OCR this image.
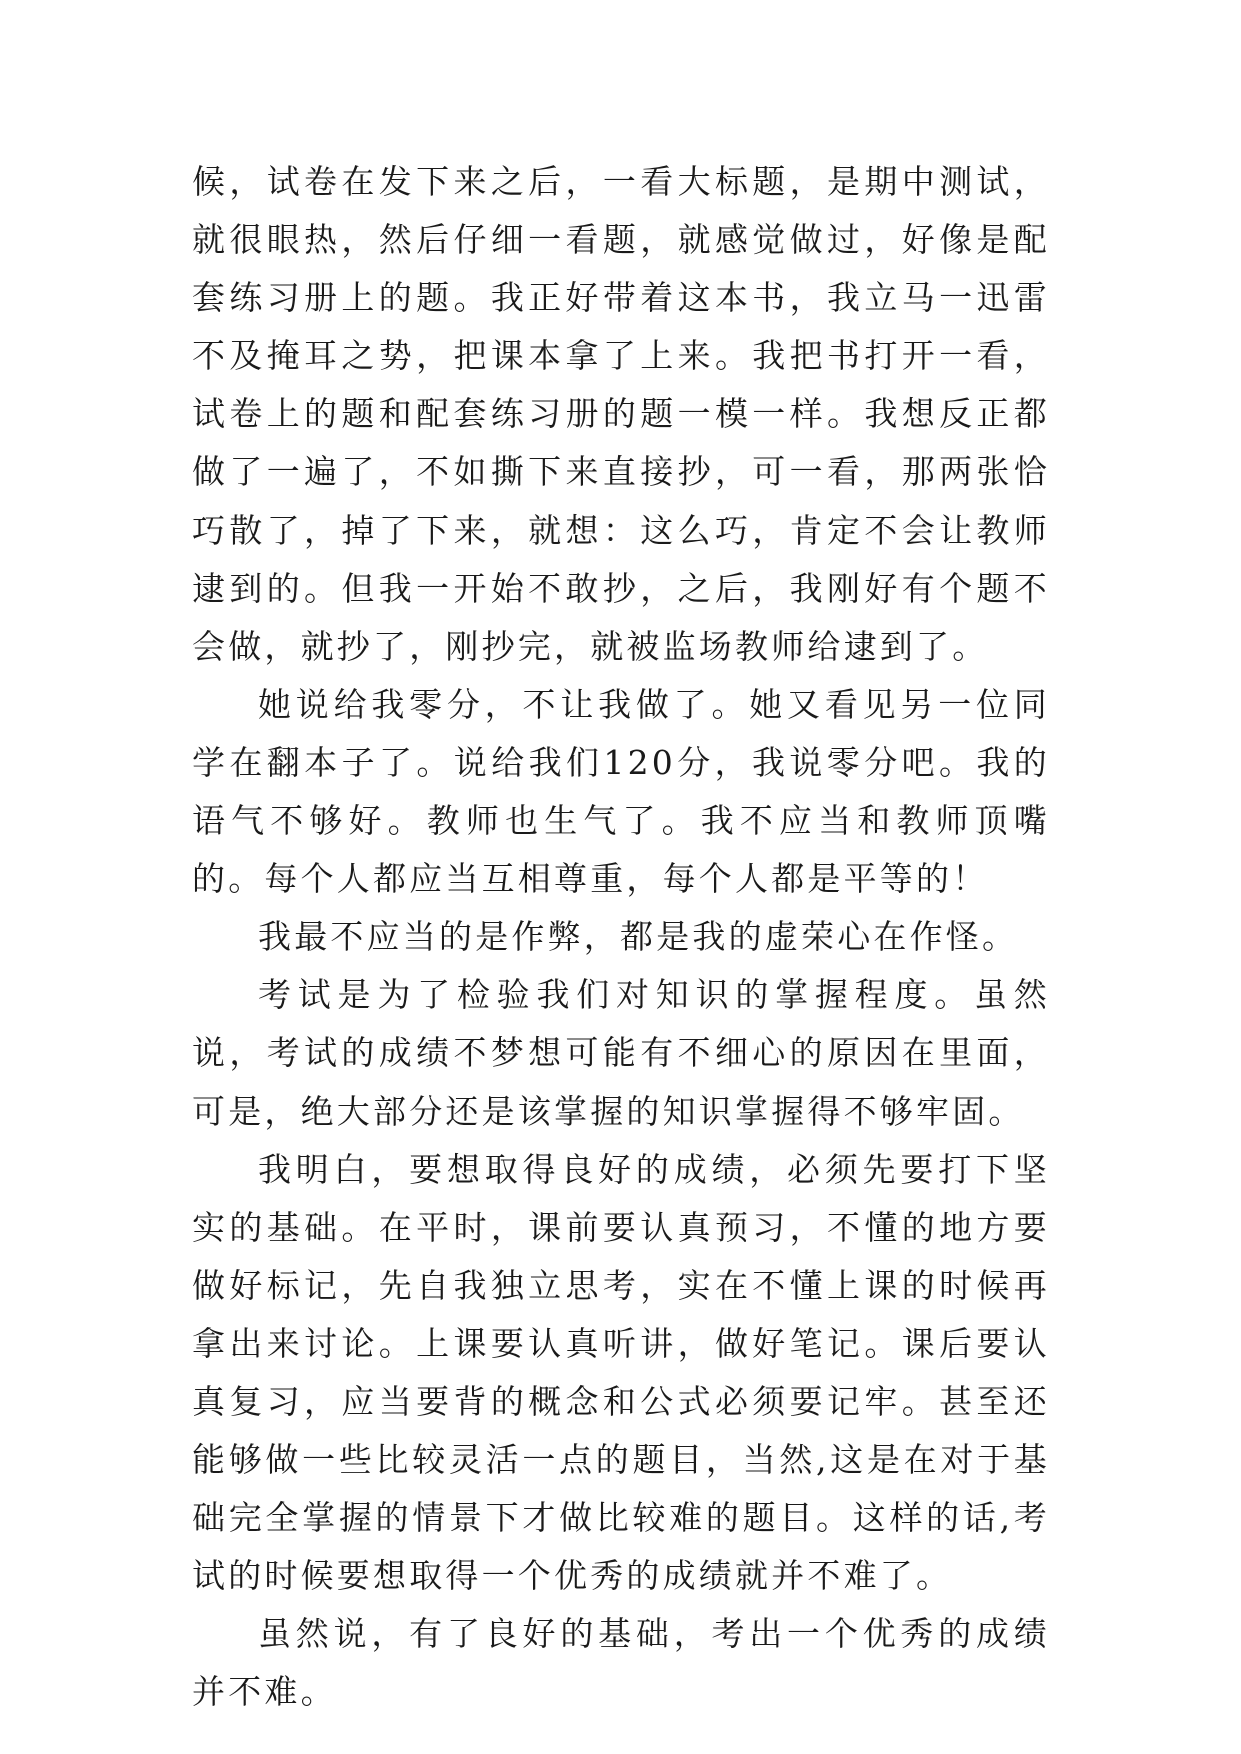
候，试卷在发下来之后，一看大标题，是期中测试，就很眼热，然后仔细一看题，就感觉做过，好像是配套练习册上的题。我正好带着这本书，我立马一迅雷不及掩耳之势，把课本拿了上来。我把书打开一看，试卷上的题和配套练习册的题一模一样。我想反正都做了一遍了，不如撕下来直接抄，可一看，那两张恰巧散了，掉了下来，就想：这么巧，肯定不会让教师逮到的。但我一开始不敢抄，之后，我刚好有个题不会做，就抄了，刚抄完，就被监场教师给逮到了。

她说给我零分，不让我做了。她又看见另一位同学在翻本子了。说给我们120分，我说零分吧。我的语气不够好。教师也生气了。我不应当和教师顶嘴的。每个人都应当互相尊重，每个人都是平等的！

我最不应当的是作弊，都是我的虚荣心在作怪。

考试是为了检验我们对知识的掌握程度。虽然说，考试的成绩不梦想可能有不细心的原因在里面，可是，绝大部分还是该掌握的知识掌握得不够牢固。

我明白，要想取得良好的成绩，必须先要打下坚实的基础。在平时，课前要认真预习，不懂的地方要做好标记，先自我独立思考，实在不懂上课的时候再拿出来讨论。上课要认真听讲，做好笔记。课后要认真复习，应当要背的概念和公式必须要记牢。甚至还能够做一些比较灵活一点的题目，当然,这是在对于基础完全掌握的情景下才做比较难的题目。这样的话,考试的时候要想取得一个优秀的成绩就并不难了。

虽然说，有了良好的基础，考出一个优秀的成绩并不难。
